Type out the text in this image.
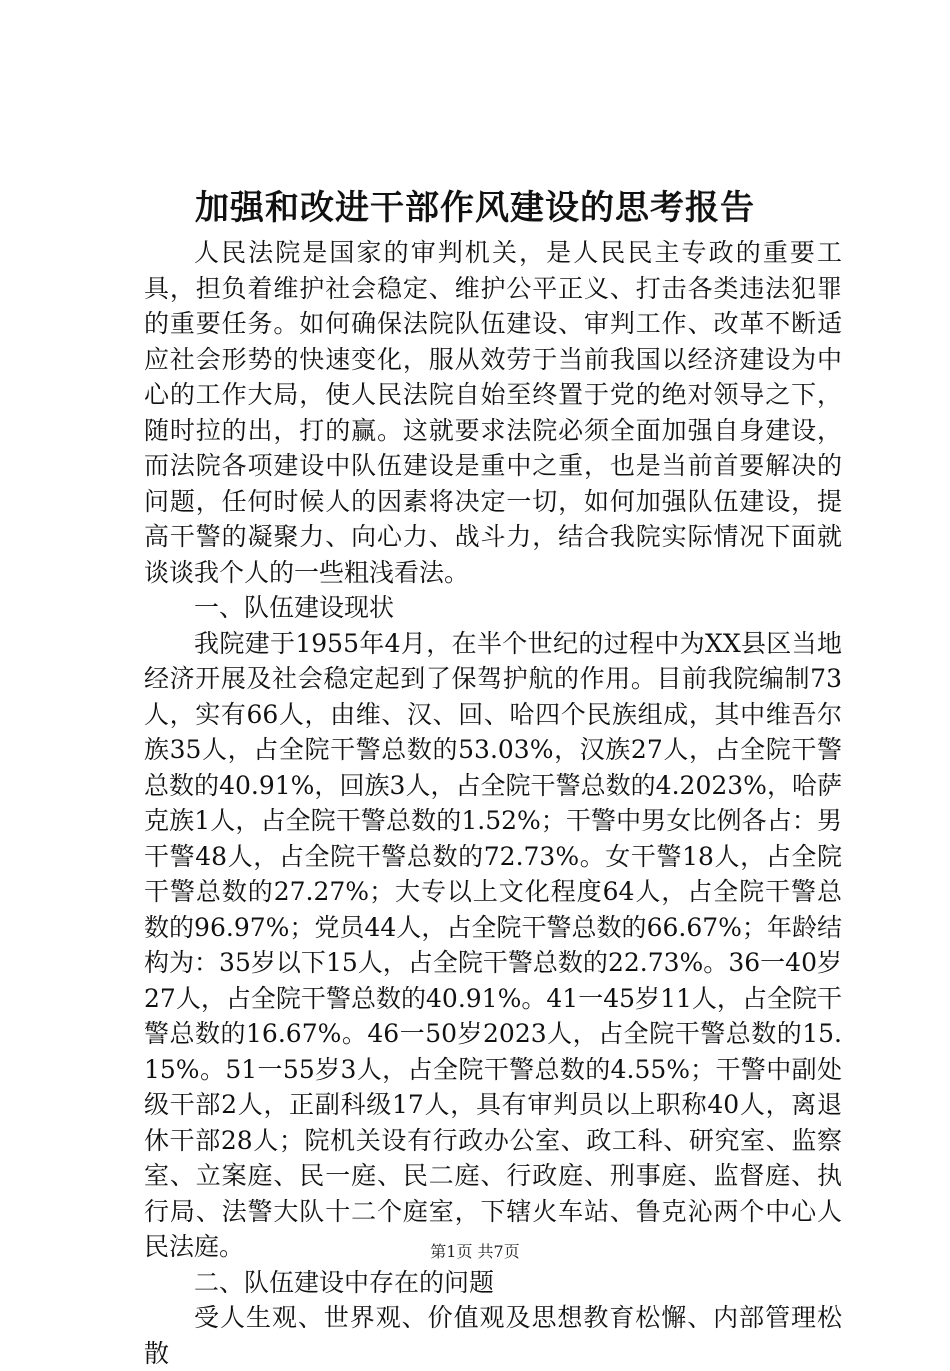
加强和改进干部作风建设的思考报告

人民法院是国家的审判机关，是人民民主专政的重要工具，担负着维护社会稳定、维护公平正义、打击各类违法犯罪的重要任务。如何确保法院队伍建设、审判工作、改革不断适应社会形势的快速变化，服从效劳于当前我国以经济建设为中心的工作大局，使人民法院自始至终置于党的绝对领导之下，随时拉的出，打的赢。这就要求法院必须全面加强自身建设，而法院各项建设中队伍建设是重中之重，也是当前首要解决的问题，任何时候人的因素将决定一切，如何加强队伍建设，提高干警的凝聚力、向心力、战斗力，结合我院实际情况下面就谈谈我个人的一些粗浅看法。

一、队伍建设现状

我院建于1955年4月，在半个世纪的过程中为XX县区当地经济开展及社会稳定起到了保驾护航的作用。目前我院编制73人，实有66人，由维、汉、回、哈四个民族组成，其中维吾尔族35人，占全院干警总数的53.03%，汉族27人，占全院干警总数的40.91%，回族3人，占全院干警总数的4.2023%，哈萨克族1人，占全院干警总数的1.52%；干警中男女比例各占：男干警48人，占全院干警总数的72.73%。女干警18人，占全院干警总数的27.27%；大专以上文化程度64人，占全院干警总数的96.97%；党员44人，占全院干警总数的66.67%；年龄结构为：35岁以下15人，占全院干警总数的22.73%。36一40岁27人，占全院干警总数的40.91%。41一45岁11人，占全院干警总数的16.67%。46一50岁2023人，占全院干警总数的15.15%。51一55岁3人，占全院干警总数的4.55%；干警中副处级干部2人，正副科级17人，具有审判员以上职称40人，离退休干部28人；院机关设有行政办公室、政工科、研究室、监察室、立案庭、民一庭、民二庭、行政庭、刑事庭、监督庭、执行局、法警大队十二个庭室，下辖火车站、鲁克沁两个中心人民法庭。

二、队伍建设中存在的问题

受人生观、世界观、价值观及思想教育松懈、内部管理松散

第1页 共7页
